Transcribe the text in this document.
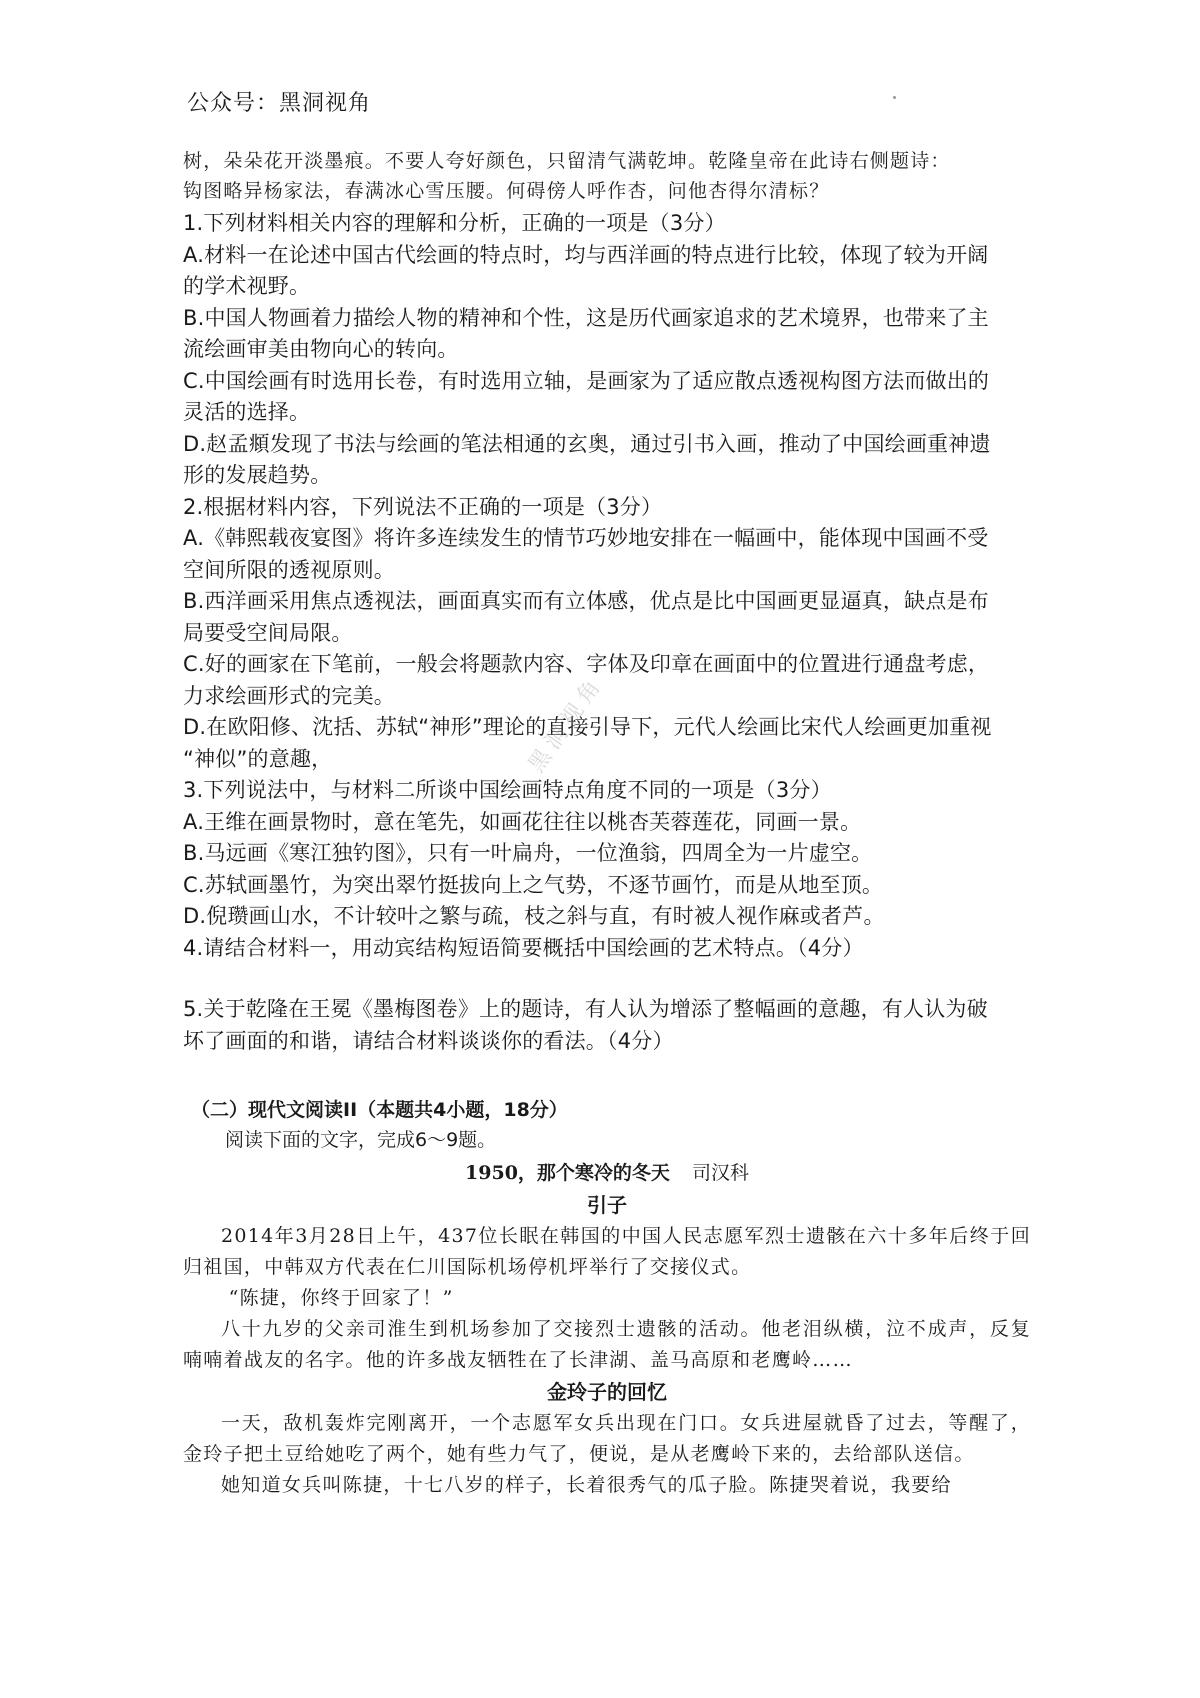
公众号：黑洞视角
树，朵朵花开淡墨痕。不要人夸好颜色，只留清气满乾坤。乾隆皇帝在此诗右侧题诗：
钩图略异杨家法，春满冰心雪压腰。何碍傍人呼作杏，问他杏得尔清标？

1.下列材料相关内容的理解和分析，正确的一项是（3分）

A.材料一在论述中国古代绘画的特点时，均与西洋画的特点进行比较，体现了较为开阔

的学术视野。

B.中国人物画着力描绘人物的精神和个性，这是历代画家追求的艺术境界，也带来了主

流绘画审美由物向心的转向。

C.中国绘画有时选用长卷，有时选用立轴，是画家为了适应散点透视构图方法而做出的

灵活的选择。

D.赵孟頫发现了书法与绘画的笔法相通的玄奥，通过引书入画，推动了中国绘画重神遗

形的发展趋势。

2.根据材料内容，下列说法不正确的一项是（3分）

A.《韩熙载夜宴图》将许多连续发生的情节巧妙地安排在一幅画中，能体现中国画不受

空间所限的透视原则。

B.西洋画采用焦点透视法，画面真实而有立体感，优点是比中国画更显逼真，缺点是布

局要受空间局限。

C.好的画家在下笔前，一般会将题款内容、字体及印章在画面中的位置进行通盘考虑，

力求绘画形式的完美。

D.在欧阳修、沈括、苏轼“神形”理论的直接引导下，元代人绘画比宋代人绘画更加重视

“神似”的意趣，

3.下列说法中，与材料二所谈中国绘画特点角度不同的一项是（3分）

A.王维在画景物时，意在笔先，如画花往往以桃杏芙蓉莲花，同画一景。

B.马远画《寒江独钓图》，只有一叶扁舟，一位渔翁，四周全为一片虚空。

C.苏轼画墨竹，为突出翠竹挺拔向上之气势，不逐节画竹，而是从地至顶。

D.倪瓒画山水，不计较叶之繁与疏，枝之斜与直，有时被人视作麻或者芦。

4.请结合材料一，用动宾结构短语简要概括中国绘画的艺术特点。（4分）

5.关于乾隆在王冕《墨梅图卷》上的题诗，有人认为增添了整幅画的意趣，有人认为破

坏了画面的和谐，请结合材料谈谈你的看法。（4分）

（二）现代文阅读II（本题共4小题，18分）
阅读下面的文字，完成6～9题。
1950，那个寒冷的冬天 司汉科
引子

2014年3月28日上午，437位长眠在韩国的中国人民志愿军烈士遗骸在六十多年后终于回归祖国，中韩双方代表在仁川国际机场停机坪举行了交接仪式。

“陈捷，你终于回家了！”

八十九岁的父亲司淮生到机场参加了交接烈士遗骸的活动。他老泪纵横，泣不成声，反复喃喃着战友的名字。他的许多战友牺牲在了长津湖、盖马高原和老鹰岭……

金玲子的回忆

一天，敌机轰炸完刚离开，一个志愿军女兵出现在门口。女兵进屋就昏了过去，等醒了，金玲子把土豆给她吃了两个，她有些力气了，便说，是从老鹰岭下来的，去给部队送信。

她知道女兵叫陈捷，十七八岁的样子，长着很秀气的瓜子脸。陈捷哭着说，我要给

黑洞视角
